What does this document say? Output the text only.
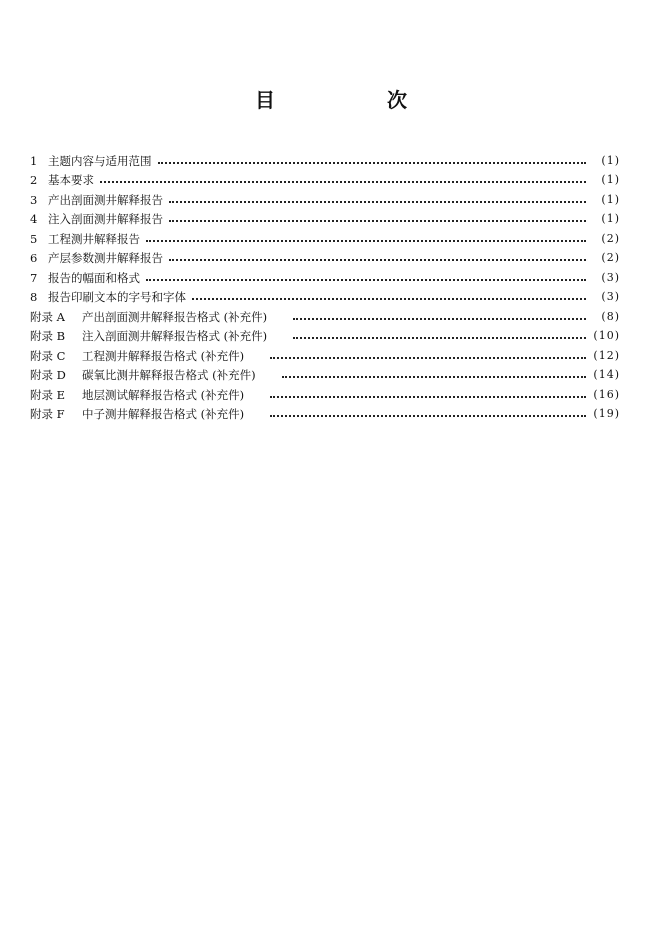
目　次
1 主题内容与适用范围	(1)
2 基本要求	(1)
3 产出剖面测井解释报告	(1)
4 注入剖面测井解释报告	(1)
5 工程测井解释报告	(2)
6 产层参数测井解释报告	(2)
7 报告的幅面和格式	(3)
8 报告印刷文本的字号和字体	(3)
附录 A	产出剖面测井解释报告格式 (补充件)	(8)
附录 B	注入剖面测井解释报告格式 (补充件)	(10)
附录 C	工程测井解释报告格式 (补充件)	(12)
附录 D	碳氧比测井解释报告格式 (补充件)	(14)
附录 E	地层测试解释报告格式 (补充件)	(16)
附录 F	中子测井解释报告格式 (补充件)	(19)
